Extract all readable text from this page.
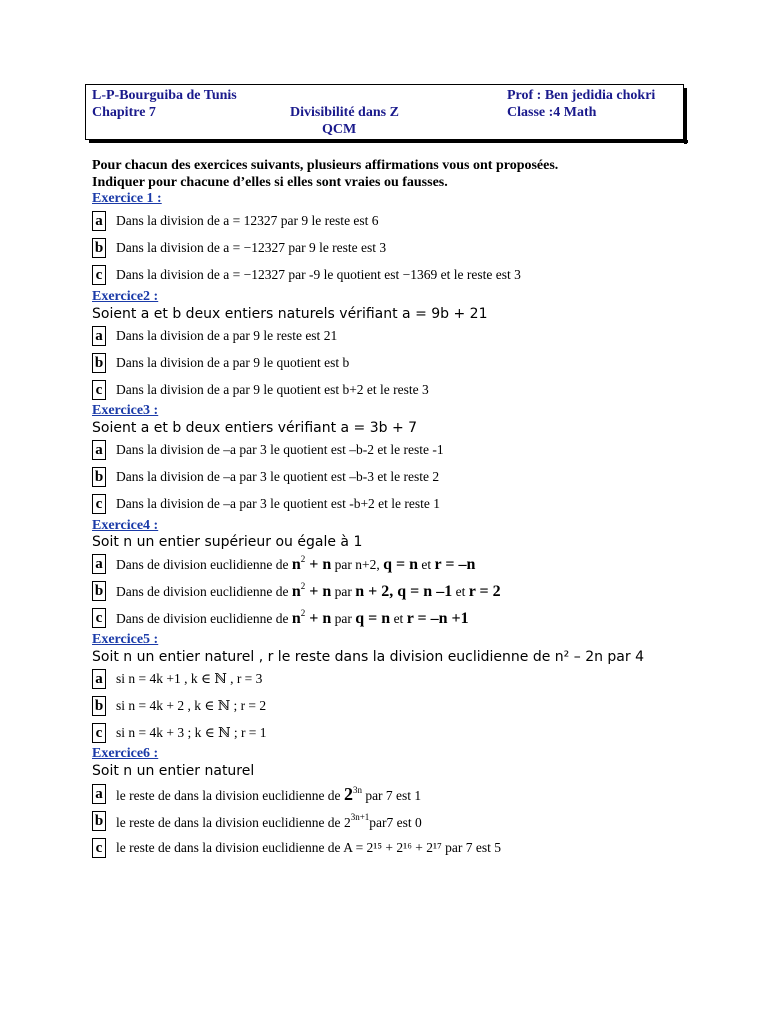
L-P-Bourguiba de Tunis	Prof : Ben jedidia chokri
Chapitre 7	Divisibilité dans Z	Classe :4 Math
QCM
Pour chacun des exercices suivants, plusieurs affirmations vous ont proposées.
Indiquer pour chacune d’elles si elles sont vraies ou fausses.
Exercice 1 :
a Dans la division de a = 12327 par 9 le reste est 6
b Dans la division de a = −12327 par 9 le reste est 3
c Dans la division de a = −12327 par -9 le quotient est −1369 et le reste est 3
Exercice2 :
Soient a et b deux entiers naturels vérifiant a = 9b + 21
a Dans la division de a par 9 le reste est 21
b Dans la division de a par 9 le quotient est b
c Dans la division de a par 9 le quotient est b+2 et le reste 3
Exercice3 :
Soient a et b deux entiers vérifiant a = 3b + 7
a Dans la division de –a par 3 le quotient est –b-2 et le reste -1
b Dans la division de –a par 3 le quotient est –b-3 et le reste 2
c Dans la division de –a par 3 le quotient est -b+2 et le reste 1
Exercice4 :
Soit n un entier supérieur ou égale à 1
a Dans de division euclidienne de $n^2 + n$ par n+2, q = n et r = –n
b Dans de division euclidienne de $n^2 + n$ par n + 2, q = n –1 et r = 2
c Dans de division euclidienne de $n^2 + n$ par q = n et r = –n +1
Exercice5 :
Soit n un entier naturel , r le reste dans la division euclidienne de n² – 2n par 4
a si n = 4k +1 , k ∈ ℕ , r = 3
b si n = 4k + 2 , k ∈ ℕ ; r = 2
c si n = 4k + 3 ; k ∈ ℕ ; r = 1
Exercice6 :
Soit n un entier naturel
a le reste de dans la division euclidienne de $2^{3n}$ par 7 est 1
b le reste de dans la division euclidienne de $2^{3n+1}par7$ est 0
c le reste de dans la division euclidienne de A = 2¹⁵ + 2¹⁶ + 2¹⁷ par 7 est 5
